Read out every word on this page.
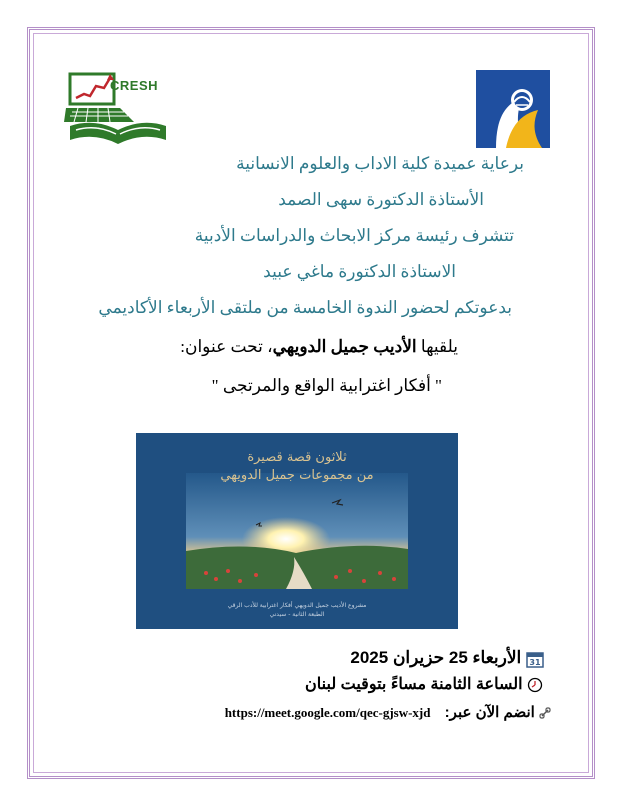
CRESH
برعاية عميدة كلية الاداب والعلوم الانسانية
الأستاذة الدكتورة سهى الصمد
تتشرف رئيسة مركز الابحاث والدراسات الأدبية
الاستاذة الدكتورة ماغي عبيد
بدعوتكم لحضور الندوة الخامسة من ملتقى الأربعاء الأكاديمي
يلقيها الأديب جميل الدويهي، تحت عنوان:
" أفكار اغترابية الواقع والمرتجى "
ثلاثون قصة قصيرة
من مجموعات جميل الدويهي
مشروع الأديب جميل الدويهي أفكار اغترابية للأدب الرقي
الطبعة الثانية - سيدني
31
الأربعاء 25 حزيران 2025
الساعة الثامنة مساءً بتوقيت لبنان
انضم الآن عبر: https://meet.google.com/qec-gjsw-xjd
